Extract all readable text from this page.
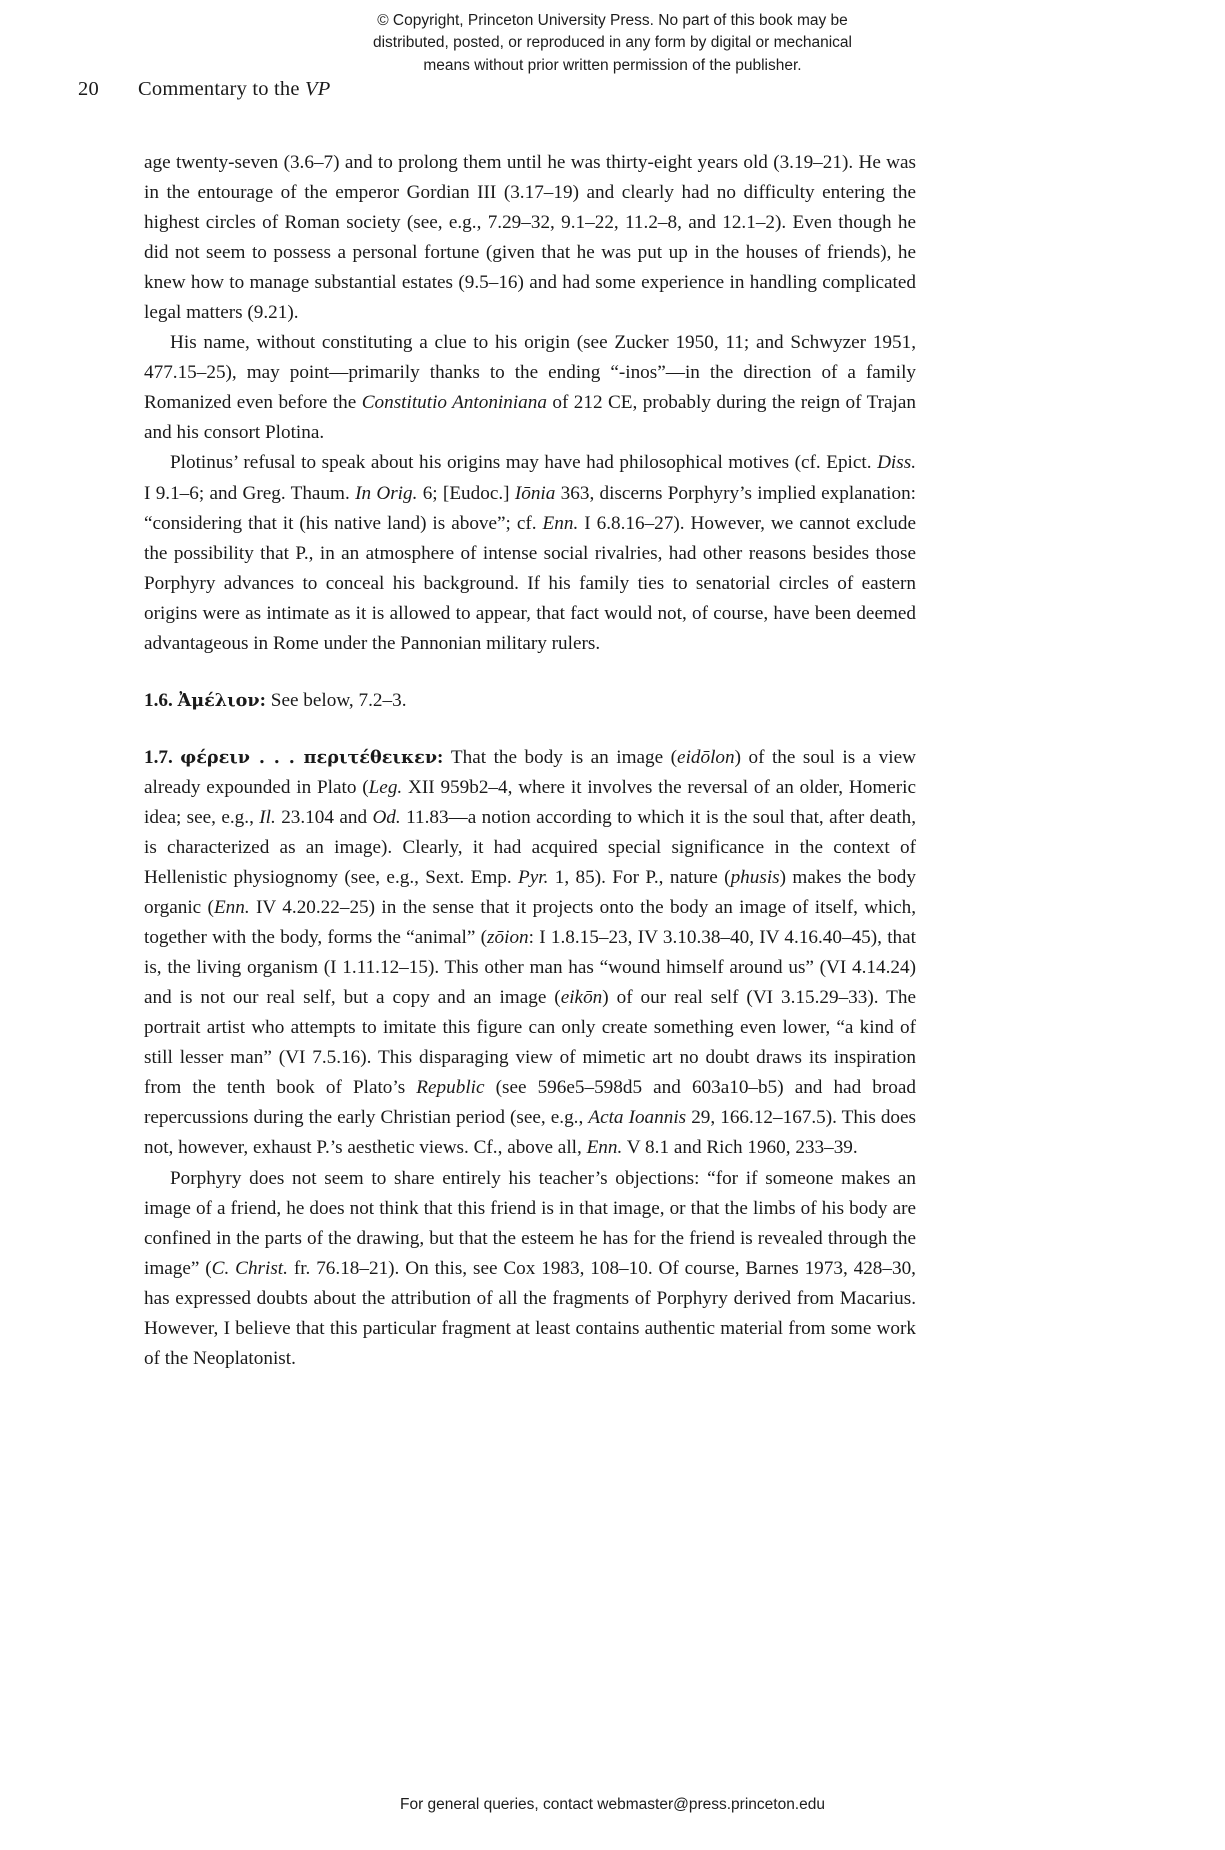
© Copyright, Princeton University Press. No part of this book may be
distributed, posted, or reproduced in any form by digital or mechanical
means without prior written permission of the publisher.
20 Commentary to the VP

age twenty-seven (3.6–7) and to prolong them until he was thirty-eight years old (3.19–21). He was in the entourage of the emperor Gordian III (3.17–19) and clearly had no difficulty entering the highest circles of Roman society (see, e.g., 7.29–32, 9.1–22, 11.2–8, and 12.1–2). Even though he did not seem to possess a personal fortune (given that he was put up in the houses of friends), he knew how to manage substantial estates (9.5–16) and had some experience in handling complicated legal matters (9.21).

His name, without constituting a clue to his origin (see Zucker 1950, 11; and Schwyzer 1951, 477.15–25), may point—primarily thanks to the ending “-inos”—in the direction of a family Romanized even before the Constitutio Antoniniana of 212 CE, probably during the reign of Trajan and his consort Plotina.

Plotinus’ refusal to speak about his origins may have had philosophical motives (cf. Epict. Diss. I 9.1–6; and Greg. Thaum. In Orig. 6; [Eudoc.] Iōnia 363, discerns Porphyry’s implied explanation: “considering that it (his native land) is above”; cf. Enn. I 6.8.16–27). However, we cannot exclude the possibility that P., in an atmosphere of intense social rivalries, had other reasons besides those Porphyry advances to conceal his background. If his family ties to senatorial circles of eastern origins were as intimate as it is allowed to appear, that fact would not, of course, have been deemed advantageous in Rome under the Pannonian military rulers.

1.6. Ἀμέλιον: See below, 7.2–3.

1.7. φέρειν . . . περιτέθεικεν: That the body is an image (eidōlon) of the soul is a view already expounded in Plato (Leg. XII 959b2–4, where it involves the reversal of an older, Homeric idea; see, e.g., Il. 23.104 and Od. 11.83—a notion according to which it is the soul that, after death, is characterized as an image). Clearly, it had acquired special significance in the context of Hellenistic physiognomy (see, e.g., Sext. Emp. Pyr. 1, 85). For P., nature (phusis) makes the body organic (Enn. IV 4.20.22–25) in the sense that it projects onto the body an image of itself, which, together with the body, forms the “animal” (zōion: I 1.8.15–23, IV 3.10.38–40, IV 4.16.40–45), that is, the living organism (I 1.11.12–15). This other man has “wound himself around us” (VI 4.14.24) and is not our real self, but a copy and an image (eikōn) of our real self (VI 3.15.29–33). The portrait artist who attempts to imitate this figure can only create something even lower, “a kind of still lesser man” (VI 7.5.16). This disparaging view of mimetic art no doubt draws its inspiration from the tenth book of Plato’s Republic (see 596e5–598d5 and 603a10–b5) and had broad repercussions during the early Christian period (see, e.g., Acta Ioannis 29, 166.12–167.5). This does not, however, exhaust P.’s aesthetic views. Cf., above all, Enn. V 8.1 and Rich 1960, 233–39.

Porphyry does not seem to share entirely his teacher’s objections: “for if someone makes an image of a friend, he does not think that this friend is in that image, or that the limbs of his body are confined in the parts of the drawing, but that the esteem he has for the friend is revealed through the image” (C. Christ. fr. 76.18–21). On this, see Cox 1983, 108–10. Of course, Barnes 1973, 428–30, has expressed doubts about the attribution of all the fragments of Porphyry derived from Macarius. However, I believe that this particular fragment at least contains authentic material from some work of the Neoplatonist.

For general queries, contact webmaster@press.princeton.edu
